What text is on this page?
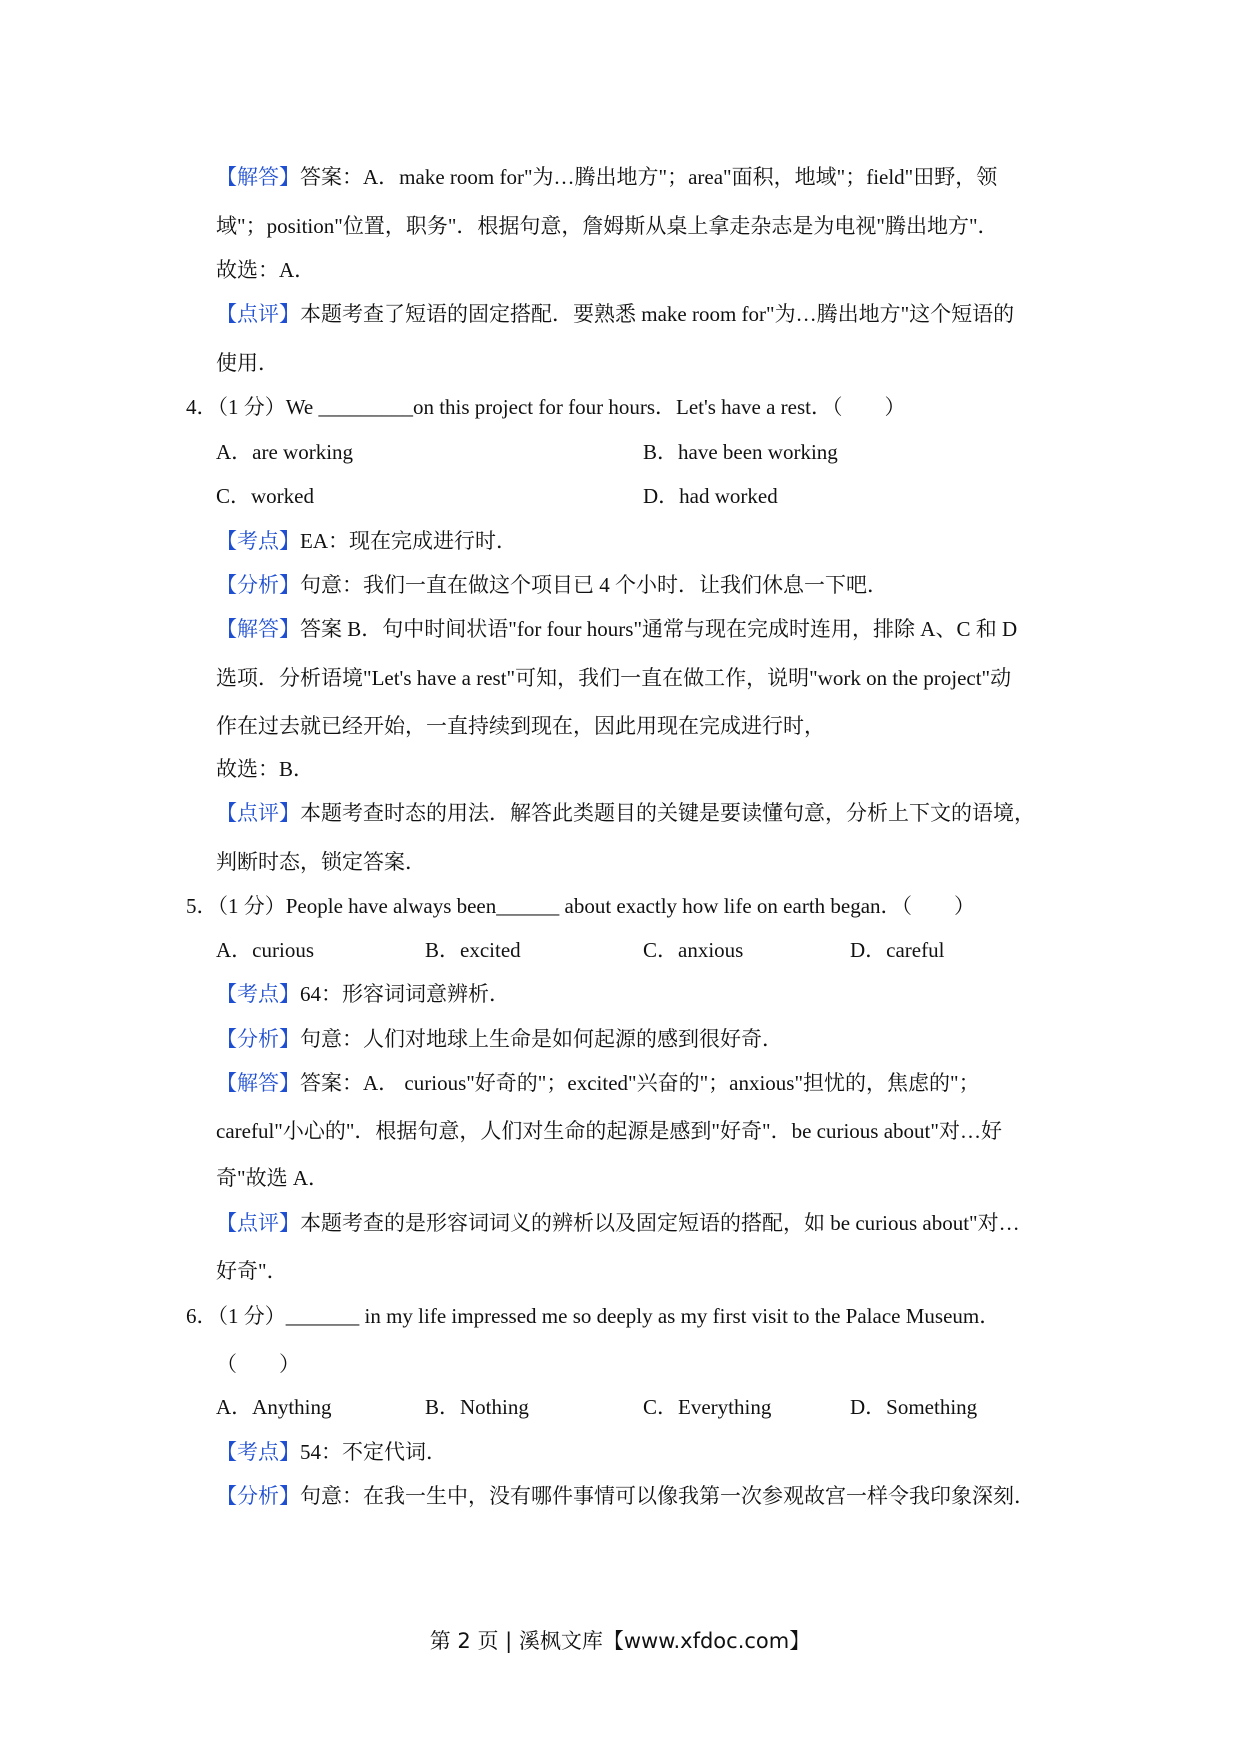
【解答】答案：A．make room for"为…腾出地方"；area"面积，地域"；field"田野，领
域"；position"位置，职务"．根据句意，詹姆斯从桌上拿走杂志是为电视"腾出地方"．
故选：A．
【点评】本题考查了短语的固定搭配．要熟悉 make room for"为…腾出地方"这个短语的
使用．
4．（1 分）We _________on this project for four hours．Let's have a rest．（　　）
A．are working	B．have been working
C．worked	D．had worked
【考点】EA：现在完成进行时．
【分析】句意：我们一直在做这个项目已 4 个小时．让我们休息一下吧．
【解答】答案 B．句中时间状语"for four hours"通常与现在完成时连用，排除 A、C 和 D
选项．分析语境"Let's have a rest"可知，我们一直在做工作，说明"work on the project"动
作在过去就已经开始，一直持续到现在，因此用现在完成进行时，
故选：B．
【点评】本题考查时态的用法．解答此类题目的关键是要读懂句意，分析上下文的语境，
判断时态，锁定答案．
5．（1 分）People have always been______ about exactly how life on earth began．（　　）
A．curious	B．excited	C．anxious	D．careful
【考点】64：形容词词意辨析．
【分析】句意：人们对地球上生命是如何起源的感到很好奇．
【解答】答案：A． curious"好奇的"；excited"兴奋的"；anxious"担忧的，焦虑的"；
careful"小心的"．根据句意，人们对生命的起源是感到"好奇"．be curious about"对…好
奇"故选 A．
【点评】本题考查的是形容词词义的辨析以及固定短语的搭配，如 be curious about"对…
好奇"．
6．（1 分）_______ in my life impressed me so deeply as my first visit to the Palace Museum．
（　　）
A．Anything	B．Nothing	C．Everything	D．Something
【考点】54：不定代词．
【分析】句意：在我一生中，没有哪件事情可以像我第一次参观故宫一样令我印象深刻．
第 2 页 | 溪枫文库【www.xfdoc.com】
